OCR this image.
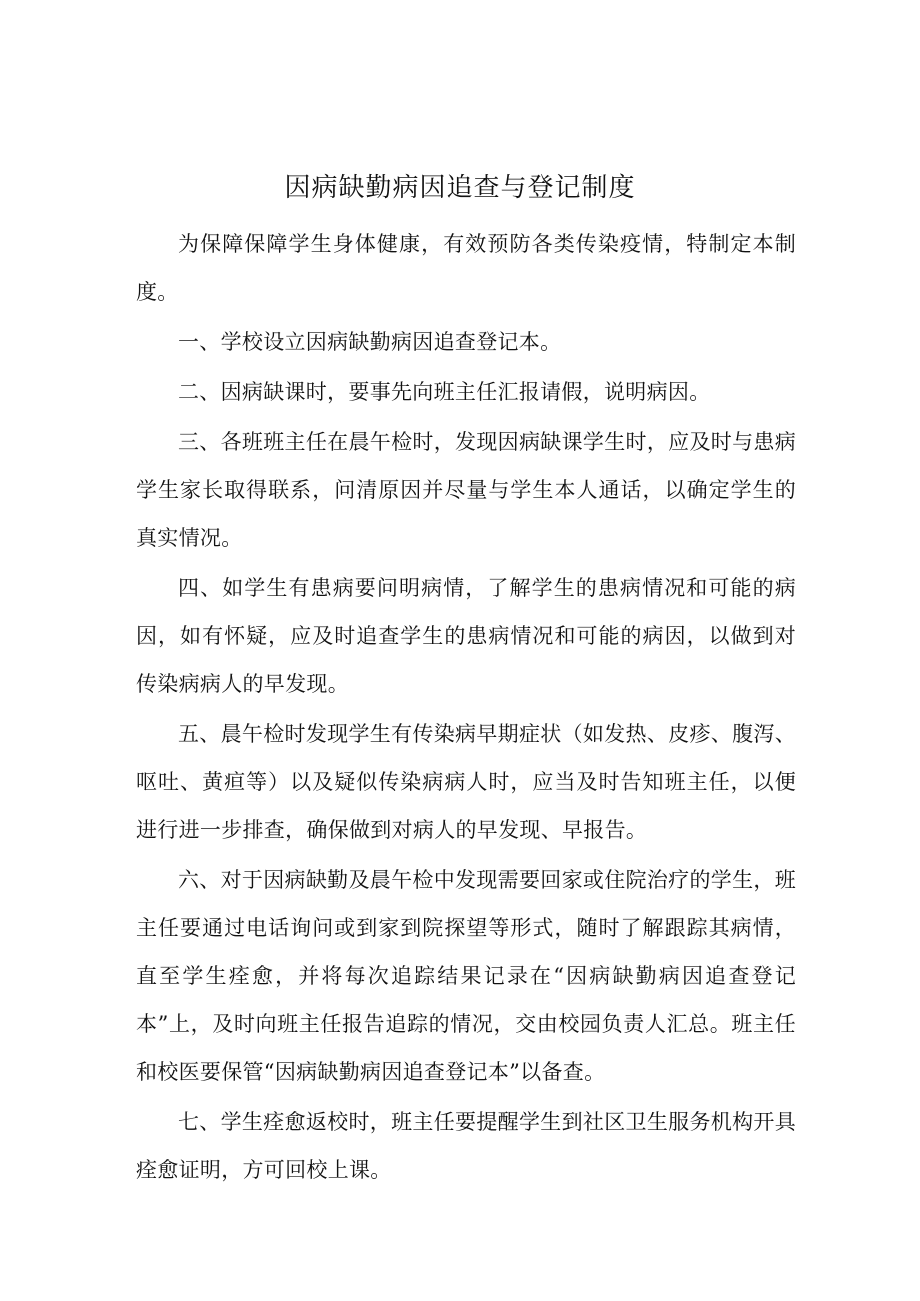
因病缺勤病因追查与登记制度

为保障保障学生身体健康，有效预防各类传染疫情，特制定本制度。

一、学校设立因病缺勤病因追查登记本。

二、因病缺课时，要事先向班主任汇报请假，说明病因。

三、各班班主任在晨午检时，发现因病缺课学生时，应及时与患病学生家长取得联系，问清原因并尽量与学生本人通话，以确定学生的真实情况。

四、如学生有患病要问明病情，了解学生的患病情况和可能的病因，如有怀疑，应及时追查学生的患病情况和可能的病因，以做到对传染病病人的早发现。

五、晨午检时发现学生有传染病早期症状（如发热、皮疹、腹泻、呕吐、黄疸等）以及疑似传染病病人时，应当及时告知班主任，以便进行进一步排查，确保做到对病人的早发现、早报告。

六、对于因病缺勤及晨午检中发现需要回家或住院治疗的学生，班主任要通过电话询问或到家到院探望等形式，随时了解跟踪其病情，直至学生痊愈，并将每次追踪结果记录在“因病缺勤病因追查登记本”上，及时向班主任报告追踪的情况，交由校园负责人汇总。班主任和校医要保管“因病缺勤病因追查登记本”以备查。

七、学生痊愈返校时，班主任要提醒学生到社区卫生服务机构开具痊愈证明，方可回校上课。
